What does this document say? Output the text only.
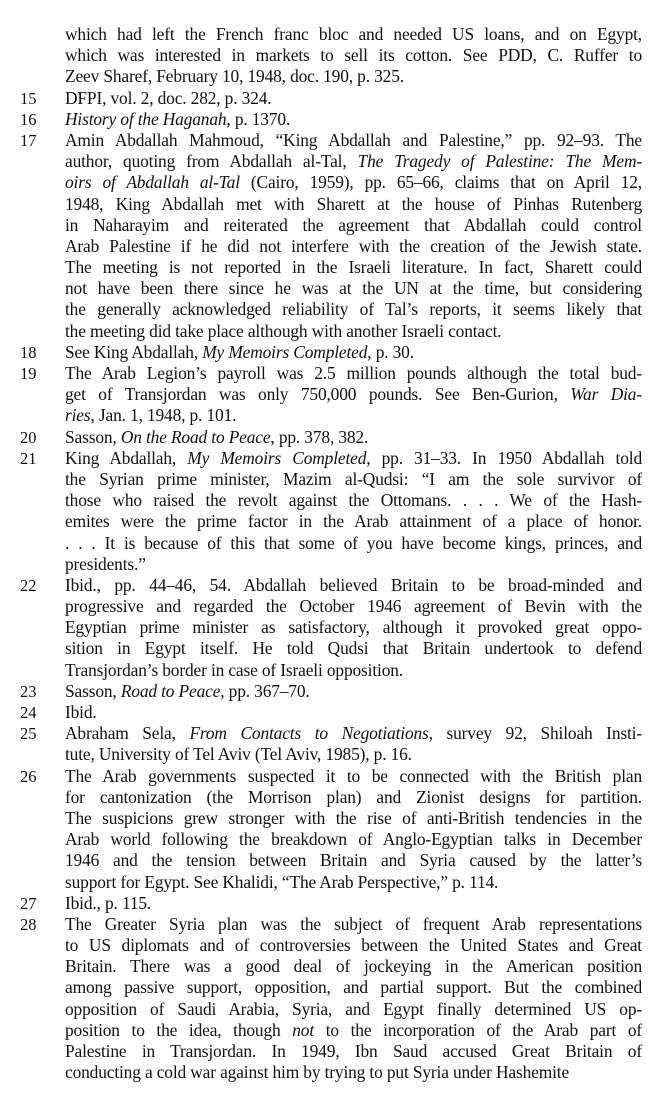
which had left the French franc bloc and needed US loans, and on Egypt,
which was interested in markets to sell its cotton. See PDD, C. Ruffer to
Zeev Sharef, February 10, 1948, doc. 190, p. 325.
15 DFPI, vol. 2, doc. 282, p. 324.
16 History of the Haganah, p. 1370.
17 Amin Abdallah Mahmoud, “King Abdallah and Palestine,” pp. 92–93. The
author, quoting from Abdallah al-Tal, The Tragedy of Palestine: The Mem-
oirs of Abdallah al-Tal (Cairo, 1959), pp. 65–66, claims that on April 12,
1948, King Abdallah met with Sharett at the house of Pinhas Rutenberg
in Naharayim and reiterated the agreement that Abdallah could control
Arab Palestine if he did not interfere with the creation of the Jewish state.
The meeting is not reported in the Israeli literature. In fact, Sharett could
not have been there since he was at the UN at the time, but considering
the generally acknowledged reliability of Tal’s reports, it seems likely that
the meeting did take place although with another Israeli contact.
18 See King Abdallah, My Memoirs Completed, p. 30.
19 The Arab Legion’s payroll was 2.5 million pounds although the total bud-
get of Transjordan was only 750,000 pounds. See Ben-Gurion, War Dia-
ries, Jan. 1, 1948, p. 101.
20 Sasson, On the Road to Peace, pp. 378, 382.
21 King Abdallah, My Memoirs Completed, pp. 31–33. In 1950 Abdallah told
the Syrian prime minister, Mazim al-Qudsi: “I am the sole survivor of
those who raised the revolt against the Ottomans. . . . We of the Hash-
emites were the prime factor in the Arab attainment of a place of honor.
. . . It is because of this that some of you have become kings, princes, and
presidents.”
22 Ibid., pp. 44–46, 54. Abdallah believed Britain to be broad-minded and
progressive and regarded the October 1946 agreement of Bevin with the
Egyptian prime minister as satisfactory, although it provoked great oppo-
sition in Egypt itself. He told Qudsi that Britain undertook to defend
Transjordan’s border in case of Israeli opposition.
23 Sasson, Road to Peace, pp. 367–70.
24 Ibid.
25 Abraham Sela, From Contacts to Negotiations, survey 92, Shiloah Insti-
tute, University of Tel Aviv (Tel Aviv, 1985), p. 16.
26 The Arab governments suspected it to be connected with the British plan
for cantonization (the Morrison plan) and Zionist designs for partition.
The suspicions grew stronger with the rise of anti-British tendencies in the
Arab world following the breakdown of Anglo-Egyptian talks in December
1946 and the tension between Britain and Syria caused by the latter’s
support for Egypt. See Khalidi, “The Arab Perspective,” p. 114.
27 Ibid., p. 115.
28 The Greater Syria plan was the subject of frequent Arab representations
to US diplomats and of controversies between the United States and Great
Britain. There was a good deal of jockeying in the American position
among passive support, opposition, and partial support. But the combined
opposition of Saudi Arabia, Syria, and Egypt finally determined US op-
position to the idea, though not to the incorporation of the Arab part of
Palestine in Transjordan. In 1949, Ibn Saud accused Great Britain of
conducting a cold war against him by trying to put Syria under Hashemite
